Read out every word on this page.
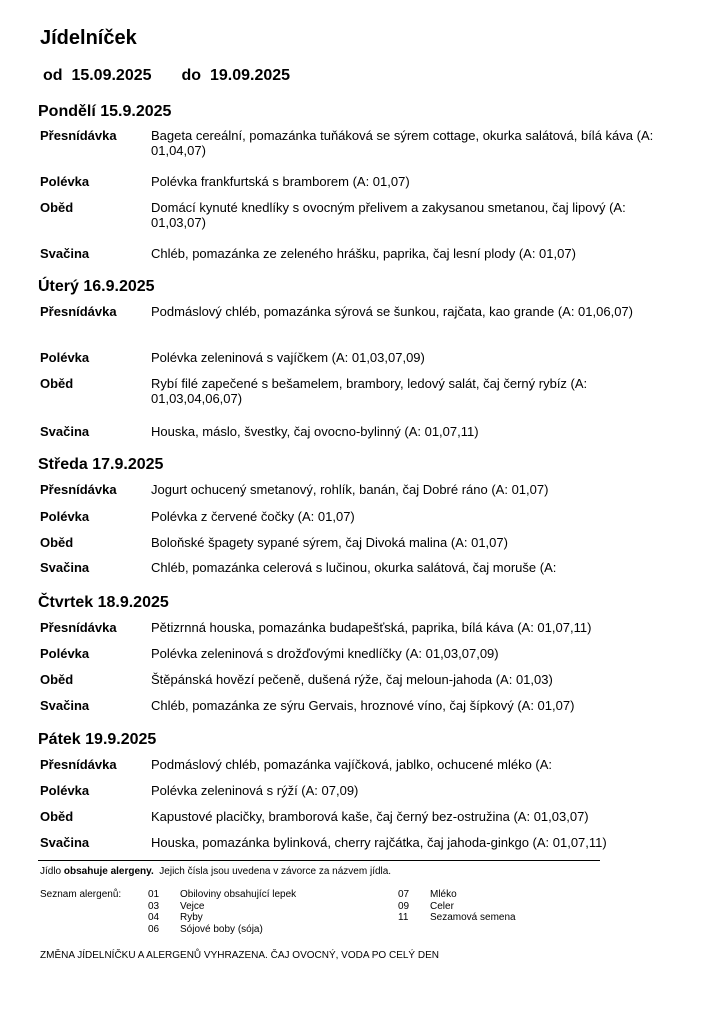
Jídelníček
od 15.09.2025 do 19.09.2025
Pondělí 15.9.2025
Přesnídávka	Bageta cereální, pomazánka tuňáková se sýrem cottage, okurka salátová, bílá káva (A: 01,04,07)
Polévka	Polévka frankfurtská s bramborem (A: 01,07)
Oběd	Domácí kynuté knedlíky s ovocným přelivem a zakysanou smetanou, čaj lipový (A: 01,03,07)
Svačina	Chléb, pomazánka ze zeleného hrášku, paprika, čaj lesní plody (A: 01,07)
Úterý 16.9.2025
Přesnídávka	Podmáslový chléb, pomazánka sýrová se šunkou, rajčata, kao grande (A: 01,06,07)
Polévka	Polévka zeleninová s vajíčkem (A: 01,03,07,09)
Oběd	Rybí filé zapečené s bešamelem, brambory, ledový salát, čaj černý rybíz (A: 01,03,04,06,07)
Svačina	Houska, máslo, švestky, čaj ovocno-bylinný (A: 01,07,11)
Středa 17.9.2025
Přesnídávka	Jogurt ochucený smetanový, rohlík, banán, čaj Dobré ráno (A: 01,07)
Polévka	Polévka z červené čočky (A: 01,07)
Oběd	Boloňské špagety sypané sýrem, čaj Divoká malina (A: 01,07)
Svačina	Chléb, pomazánka celerová s lučinou, okurka salátová, čaj moruše (A:
Čtvrtek 18.9.2025
Přesnídávka	Pětizrnná houska, pomazánka budapešťská, paprika, bílá káva (A: 01,07,11)
Polévka	Polévka zeleninová s drožďovými knedlíčky (A: 01,03,07,09)
Oběd	Štěpánská hovězí pečeně, dušená rýže, čaj meloun-jahoda (A: 01,03)
Svačina	Chléb, pomazánka ze sýru Gervais, hroznové víno, čaj šípkový (A: 01,07)
Pátek 19.9.2025
Přesnídávka	Podmáslový chléb, pomazánka vajíčková, jablko, ochucené mléko (A:
Polévka	Polévka zeleninová s rýží (A: 07,09)
Oběd	Kapustové placičky, bramborová kaše, čaj černý bez-ostružina (A: 01,03,07)
Svačina	Houska, pomazánka bylinková, cherry rajčátka, čaj jahoda-ginkgo (A: 01,07,11)
Jídlo obsahuje alergeny.  Jejich čísla jsou uvedena v závorce za názvem jídla.
Seznam alergenů:	01 Obiloviny obsahující lepek
03 Vejce
04 Ryby
06 Sójové boby (sója)
07 Mléko
09 Celer
11 Sezamová semena
ZMĚNA JÍDELNÍČKU A ALERGENŮ VYHRAZENA. ČAJ OVOCNÝ, VODA PO CELÝ DEN
